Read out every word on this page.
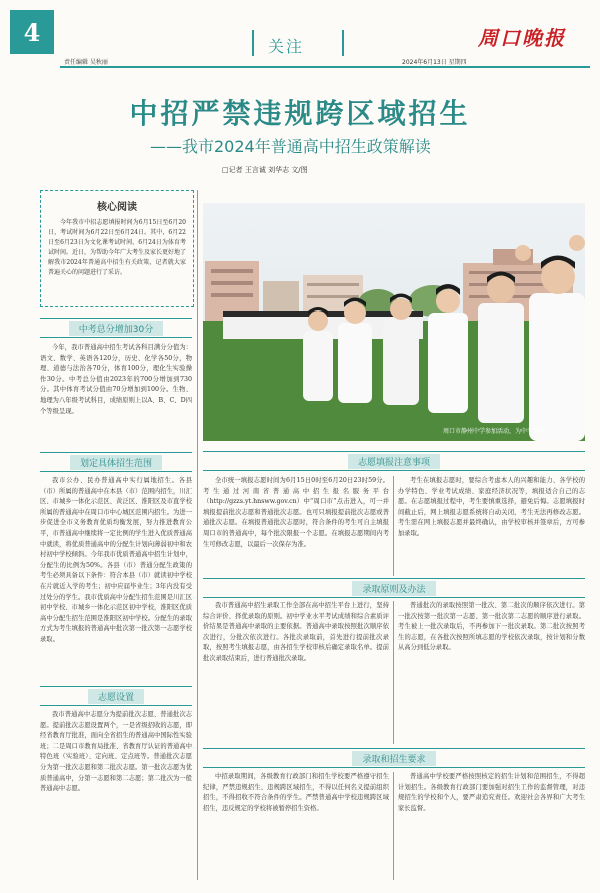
4
责任编辑 吴秋丽
关注	周口晚报
2024年6月13日 星期四
中招严禁违规跨区域招生
——我市2024年普通高中招生政策解读
□记者 王言诚 刘华志 文/图
核心阅读
今年我市中招志愿填报时间为6月15日至6月20日，考试时间为6月22日至6月24日。其中，6月22日至6月23日为文化课考试时间，6月24日为体育考试时间。近日，为帮助今年广大考生及家长更好地了解我市2024年普通高中招生有关政策，记者就大家普遍关心的问题进行了采访。
中考总分增加30分
今年，我市普通高中招生考试各科目满分分值为：语文、数学、英语各120分，历史、化学各50分，物理、道德与法治各70分，体育100分，理化生实验操作30分。中考总分值由2023年的700分增加到730分。其中体育考试分值由70分增加到100分。生物、地理为八年级考试科目，成绩原则上以A、B、C、D四个等级呈现。
划定具体招生范围
我市公办、民办普通高中实行属地招生。各县（市）所属的普通高中在本县（市）范围内招生，川汇区、市城乡一体化示范区、黄泛区、淮阳区及市直学校所属的普通高中在周口市中心城区范围内招生。为进一步促进全市义务教育优质均衡发展，努力推进教育公平，市普通高中继续将一定比例的学生进入优质普通高中就读，将优质普通高中的分配生计划向薄弱初中和农村初中学校倾斜。今年我市优质普通高中招生计划中，分配生的比例为50%。各县（市）普通分配生政策的考生必须具备以下条件：符合本县（市）就读初中学校在片就近入学的考生；初中应届毕业生；3年内没有受过处分的学生。我市优质高中分配生招生范围是川汇区初中学校、市城乡一体化示范区初中学校，淮阳区优质高中分配生招生范围是淮阳区初中学校。分配生的录取方式为考生填报的普通高中批次第一批次第一志愿学校录取。
志愿设置
我市普通高中志愿分为提前批次志愿、普通批次志愿。提前批次志愿设置两个，一是省级招收的志愿，即经省教育厅批准，面向全省招生的普通高中国际性实验班；二是周口市教育局批准、省教育厅认证的普通高中特色班（实验班）、定向班、定点班等。普通批次志愿分为第一批次志愿和第二批次志愿。第一批次志愿为优质普通高中，分第一志愿和第二志愿；第二批次为一般普通高中志愿。
周口市静州中学参加活动，为中考加油。
志愿填报注意事项
全市统一填报志愿时间为6月15日0时至6月20日23时59分。考生通过河南省普通高中招生报名服务平台（http://gzzs.yt.hnsww.gov.cn）中“周口市”点击进入，可一并填报提前批次志愿和普通批次志愿。也可只填报提前批次志愿或普通批次志愿。在填报普通批次志愿时，符合条件的考生可自主填报周口市的普通高中，每个批次限报一个志愿。在填报志愿期间内考生可修改志愿，以最后一次保存为准。
考生在填报志愿时，要综合考虑本人的兴趣和能力、各学校的办学特色、学业考试成绩、家庭经济状况等，填报适合自己的志愿。在志愿填报过程中，考生要慎重选择，避免后悔。志愿填报时间截止后，网上填报志愿系统将自动关闭，考生无法再修改志愿。考生需在网上填报志愿并最终确认，由学校审核并签章后，方可参加录取。
录取原则及办法
我市普通高中招生录取工作全部在高中招生平台上进行，坚持综合评价、择优录取的原则。初中学业水平考试成绩和综合素质评价结果是普通高中录取的主要依据。普通高中录取按照批次顺序依次进行，分批次依次进行。各批次录取前，首先进行提前批次录取，按照考生填报志愿，由各招生学校审核后确定录取名单。提前批次录取结束后，进行普通批次录取。
普通批次的录取按照第一批次、第二批次的顺序依次进行。第一批次按第一批次第一志愿、第一批次第二志愿的顺序进行录取。考生被上一批次录取后，不再参加下一批次录取。第二批次按照考生的志愿，在各批次按照所填志愿的学校依次录取，按计划和分数从高分到低分录取。
录取和招生要求
中招录取期间，各级教育行政部门和招生学校要严格遵守招生纪律，严禁违规招生、违规跨区域招生，不得以任何名义提前组织招生，不得招收不符合条件的学生。严禁普通高中学校违规跨区域招生，违反规定的学校将被暂停招生资格。
普通高中学校要严格按照核定的招生计划和范围招生，不得超计划招生。各级教育行政部门要加强对招生工作的监督管理，对违规招生的学校和个人，要严肃追究责任。欢迎社会各界和广大考生家长监督。
